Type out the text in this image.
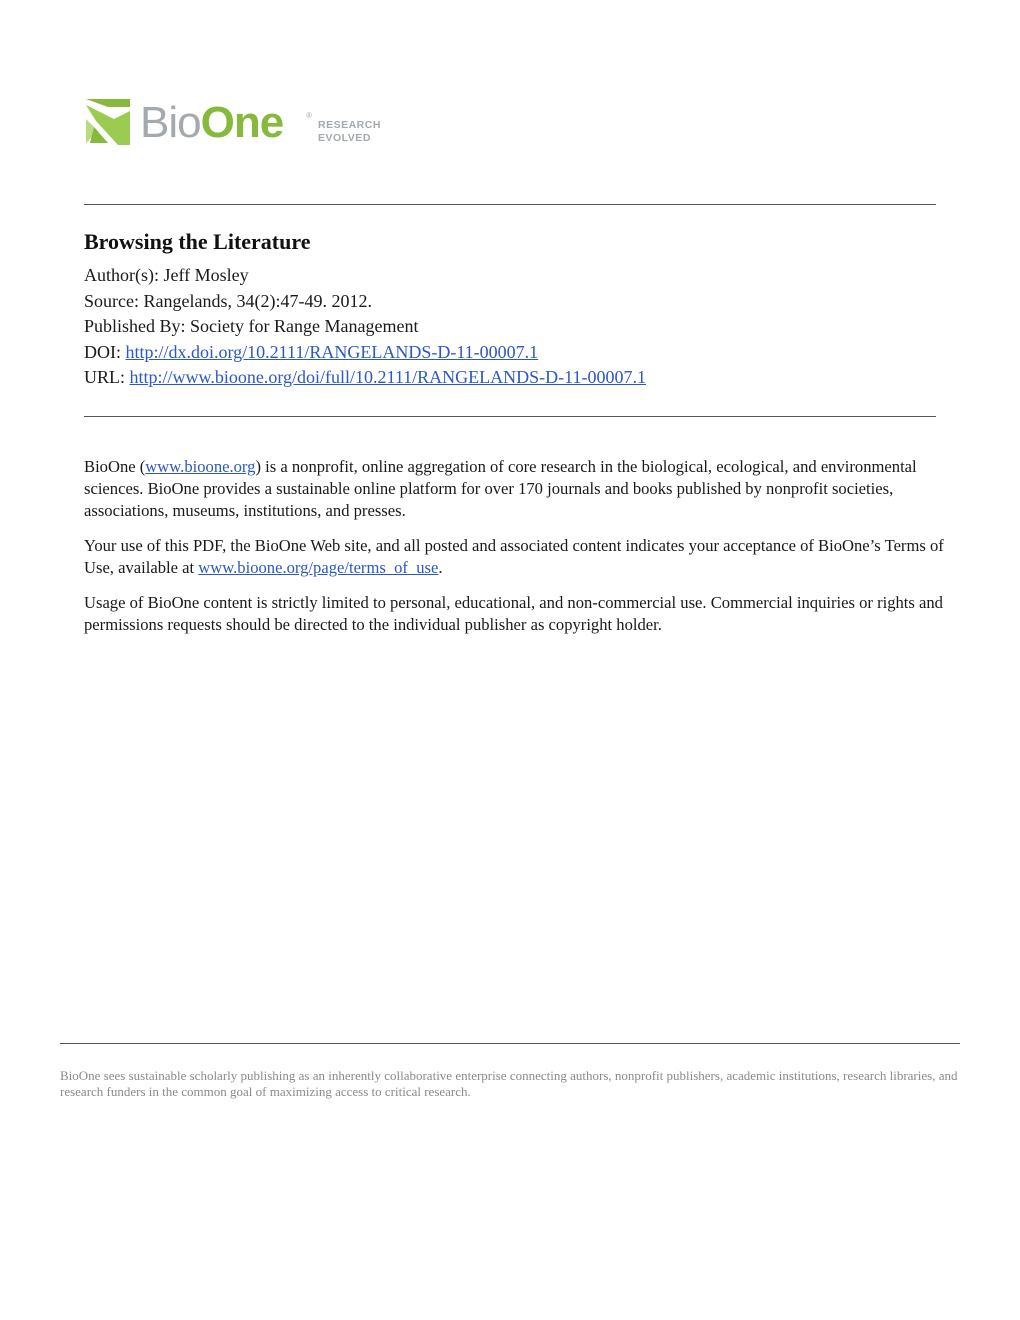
BioOne	®
RESEARCH
EVOLVED
Browsing the Literature
Author(s): Jeff Mosley
Source: Rangelands, 34(2):47-49. 2012.
Published By: Society for Range Management
DOI: http://dx.doi.org/10.2111/RANGELANDS-D-11-00007.1
URL: http://www.bioone.org/doi/full/10.2111/RANGELANDS-D-11-00007.1

BioOne (www.bioone.org) is a nonprofit, online aggregation of core research in the biological, ecological, and environmental sciences. BioOne provides a sustainable online platform for over 170 journals and books published by nonprofit societies, associations, museums, institutions, and presses.

Your use of this PDF, the BioOne Web site, and all posted and associated content indicates your acceptance of BioOne’s Terms of Use, available at www.bioone.org/page/terms_of_use.

Usage of BioOne content is strictly limited to personal, educational, and non-commercial use. Commercial inquiries or rights and permissions requests should be directed to the individual publisher as copyright holder.

BioOne sees sustainable scholarly publishing as an inherently collaborative enterprise connecting authors, nonprofit publishers, academic institutions, research libraries, and research funders in the common goal of maximizing access to critical research.
